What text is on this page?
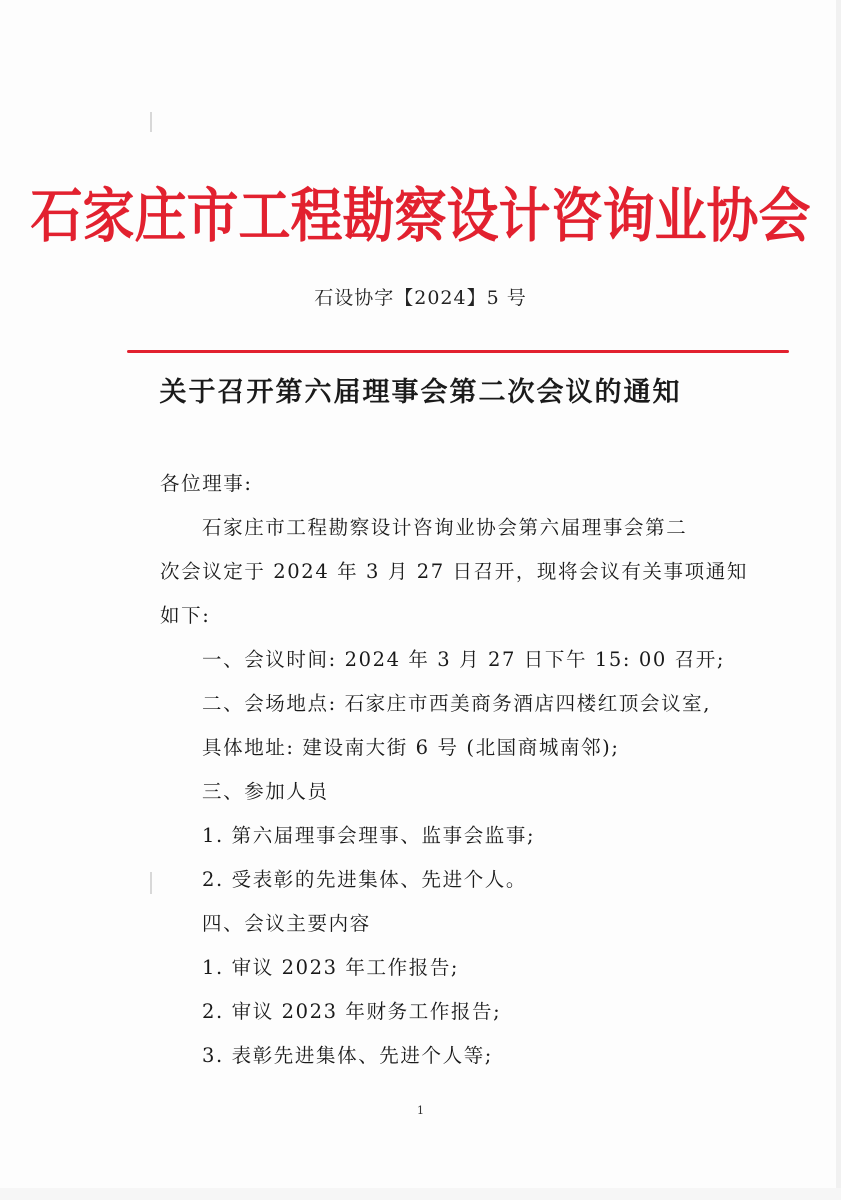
石家庄市工程勘察设计咨询业协会
石设协字【2024】5 号
关于召开第六届理事会第二次会议的通知

各位理事:

石家庄市工程勘察设计咨询业协会第六届理事会第二

次会议定于 2024 年 3 月 27 日召开，现将会议有关事项通知

如下:

一、会议时间: 2024 年 3 月 27 日下午 15: 00 召开;

二、会场地点: 石家庄市西美商务酒店四楼红顶会议室,

具体地址: 建设南大街 6 号 (北国商城南邻);

三、参加人员

1. 第六届理事会理事、监事会监事;

2. 受表彰的先进集体、先进个人。

四、会议主要内容

1. 审议 2023 年工作报告;

2. 审议 2023 年财务工作报告;

3. 表彰先进集体、先进个人等;

1
